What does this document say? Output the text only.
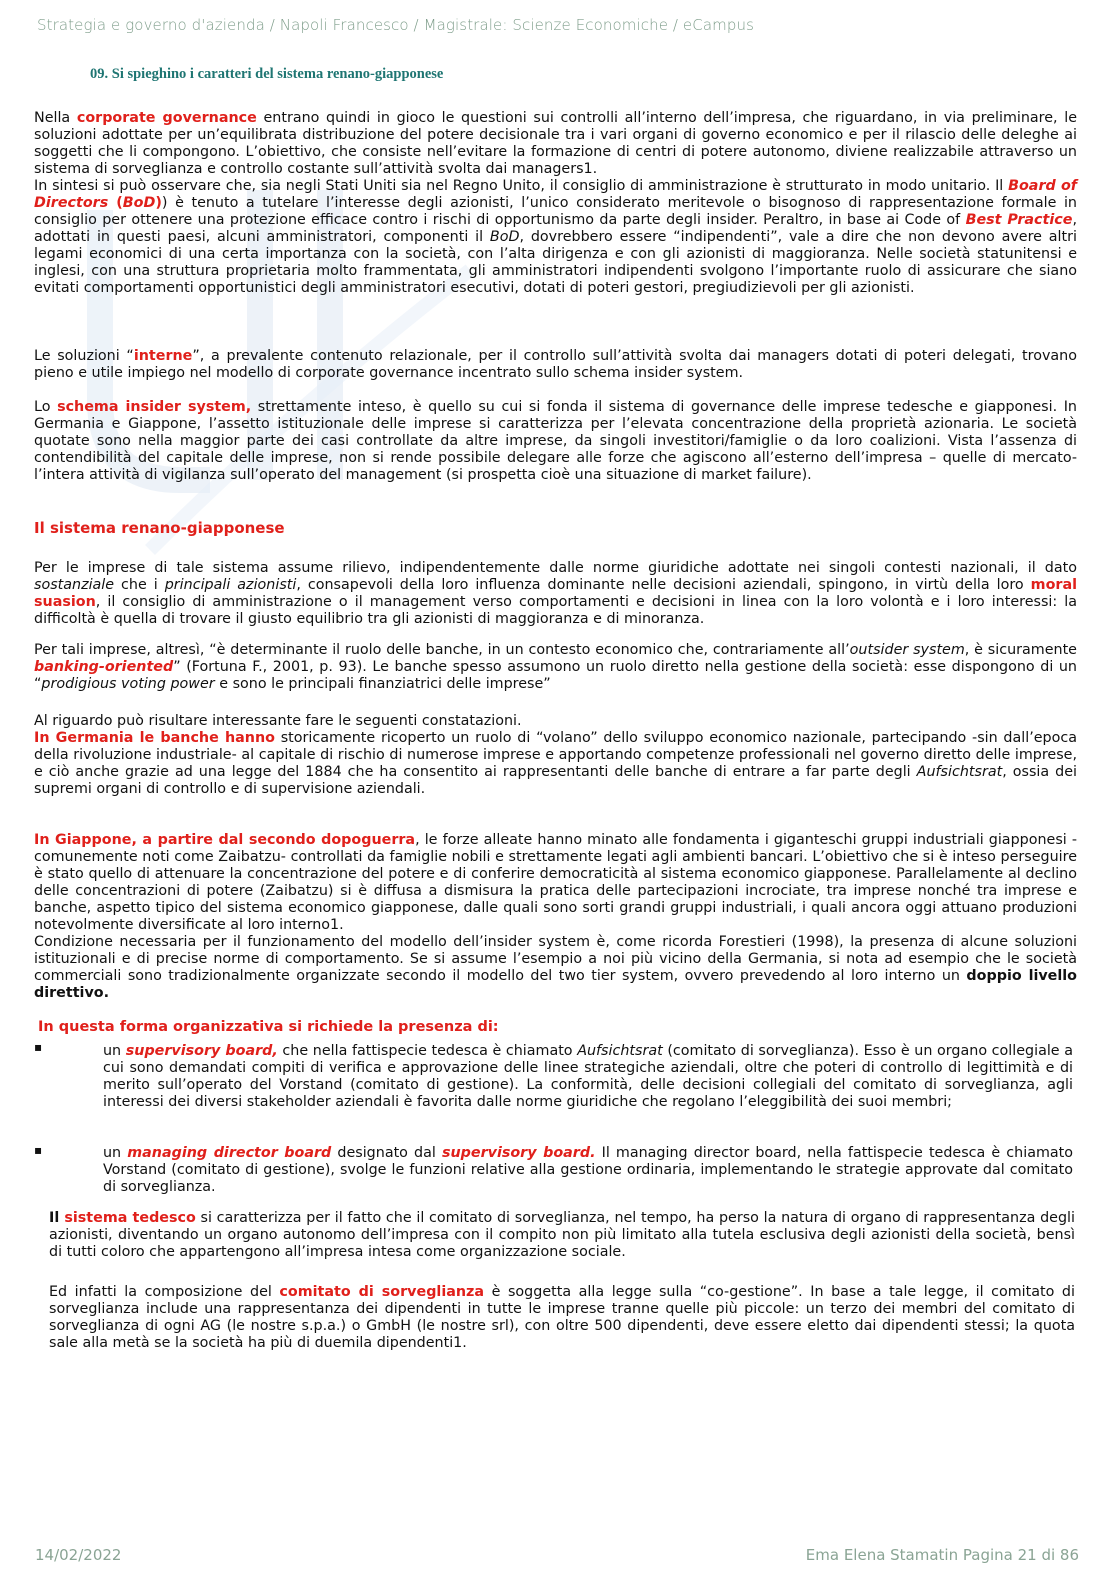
Strategia e governo d'azienda / Napoli Francesco / Magistrale: Scienze Economiche / eCampus
09. Si spieghino i caratteri del sistema renano-giapponese

Nella corporate governance entrano quindi in gioco le questioni sui controlli all’interno dell’impresa, che riguardano, in via preliminare, le soluzioni adottate per un’equilibrata distribuzione del potere decisionale tra i vari organi di governo economico e per il rilascio delle deleghe ai soggetti che li compongono. L’obiettivo, che consiste nell’evitare la formazione di centri di potere autonomo, diviene realizzabile attraverso un sistema di sorveglianza e controllo costante sull’attività svolta dai managers1.
In sintesi si può osservare che, sia negli Stati Uniti sia nel Regno Unito, il consiglio di amministrazione è strutturato in modo unitario. Il Board of Directors (BoD)) è tenuto a tutelare l’interesse degli azionisti, l’unico considerato meritevole o bisognoso di rappresentazione formale in consiglio per ottenere una protezione efficace contro i rischi di opportunismo da parte degli insider. Peraltro, in base ai Code of Best Practice, adottati in questi paesi, alcuni amministratori, componenti il BoD, dovrebbero essere “indipendenti”, vale a dire che non devono avere altri legami economici di una certa importanza con la società, con l’alta dirigenza e con gli azionisti di maggioranza. Nelle società statunitensi e inglesi, con una struttura proprietaria molto frammentata, gli amministratori indipendenti svolgono l’importante ruolo di assicurare che siano evitati comportamenti opportunistici degli amministratori esecutivi, dotati di poteri gestori, pregiudizievoli per gli azionisti.

Le soluzioni “interne”, a prevalente contenuto relazionale, per il controllo sull’attività svolta dai managers dotati di poteri delegati, trovano pieno e utile impiego nel modello di corporate governance incentrato sullo schema insider system.

Lo schema insider system, strettamente inteso, è quello su cui si fonda il sistema di governance delle imprese tedesche e giapponesi. In Germania e Giappone, l’assetto istituzionale delle imprese si caratterizza per l’elevata concentrazione della proprietà azionaria. Le società quotate sono nella maggior parte dei casi controllate da altre imprese, da singoli investitori/famiglie o da loro coalizioni. Vista l’assenza di contendibilità del capitale delle imprese, non si rende possibile delegare alle forze che agiscono all’esterno dell’impresa – quelle di mercato- l’intera attività di vigilanza sull’operato del management (si prospetta cioè una situazione di market failure).

Il sistema renano-giapponese

Per le imprese di tale sistema assume rilievo, indipendentemente dalle norme giuridiche adottate nei singoli contesti nazionali, il dato sostanziale che i principali azionisti, consapevoli della loro influenza dominante nelle decisioni aziendali, spingono, in virtù della loro moral suasion, il consiglio di amministrazione o il management verso comportamenti e decisioni in linea con la loro volontà e i loro interessi: la difficoltà è quella di trovare il giusto equilibrio tra gli azionisti di maggioranza e di minoranza.

Per tali imprese, altresì, “è determinante il ruolo delle banche, in un contesto economico che, contrariamente all’outsider system, è sicuramente banking-oriented” (Fortuna F., 2001, p. 93). Le banche spesso assumono un ruolo diretto nella gestione della società: esse dispongono di un “prodigious voting power e sono le principali finanziatrici delle imprese”

Al riguardo può risultare interessante fare le seguenti constatazioni.
In Germania le banche hanno storicamente ricoperto un ruolo di “volano” dello sviluppo economico nazionale, partecipando -sin dall’epoca della rivoluzione industriale- al capitale di rischio di numerose imprese e apportando competenze professionali nel governo diretto delle imprese, e ciò anche grazie ad una legge del 1884 che ha consentito ai rappresentanti delle banche di entrare a far parte degli Aufsichtsrat, ossia dei supremi organi di controllo e di supervisione aziendali.

In Giappone, a partire dal secondo dopoguerra, le forze alleate hanno minato alle fondamenta i giganteschi gruppi industriali giapponesi -comunemente noti come Zaibatzu- controllati da famiglie nobili e strettamente legati agli ambienti bancari. L’obiettivo che si è inteso perseguire è stato quello di attenuare la concentrazione del potere e di conferire democraticità al sistema economico giapponese. Parallelamente al declino delle concentrazioni di potere (Zaibatzu) si è diffusa a dismisura la pratica delle partecipazioni incrociate, tra imprese nonché tra imprese e banche, aspetto tipico del sistema economico giapponese, dalle quali sono sorti grandi gruppi industriali, i quali ancora oggi attuano produzioni notevolmente diversificate al loro interno1.
Condizione necessaria per il funzionamento del modello dell’insider system è, come ricorda Forestieri (1998), la presenza di alcune soluzioni istituzionali e di precise norme di comportamento. Se si assume l’esempio a noi più vicino della Germania, si nota ad esempio che le società commerciali sono tradizionalmente organizzate secondo il modello del two tier system, ovvero prevedendo al loro interno un doppio livello direttivo.

In questa forma organizzativa si richiede la presenza di:
▪	un supervisory board, che nella fattispecie tedesca è chiamato Aufsichtsrat (comitato di sorveglianza). Esso è un organo collegiale a cui sono demandati compiti di verifica e approvazione delle linee strategiche aziendali, oltre che poteri di controllo di legittimità e di merito sull’operato del Vorstand (comitato di gestione). La conformità, delle decisioni collegiali del comitato di sorveglianza, agli interessi dei diversi stakeholder aziendali è favorita dalle norme giuridiche che regolano l’eleggibilità dei suoi membri;

▪	un managing director board designato dal supervisory board. Il managing director board, nella fattispecie tedesca è chiamato Vorstand (comitato di gestione), svolge le funzioni relative alla gestione ordinaria, implementando le strategie approvate dal comitato di sorveglianza.

Il sistema tedesco si caratterizza per il fatto che il comitato di sorveglianza, nel tempo, ha perso la natura di organo di rappresentanza degli azionisti, diventando un organo autonomo dell’impresa con il compito non più limitato alla tutela esclusiva degli azionisti della società, bensì di tutti coloro che appartengono all’impresa intesa come organizzazione sociale.

Ed infatti la composizione del comitato di sorveglianza è soggetta alla legge sulla “co-gestione”. In base a tale legge, il comitato di sorveglianza include una rappresentanza dei dipendenti in tutte le imprese tranne quelle più piccole: un terzo dei membri del comitato di sorveglianza di ogni AG (le nostre s.p.a.) o GmbH (le nostre srl), con oltre 500 dipendenti, deve essere eletto dai dipendenti stessi; la quota sale alla metà se la società ha più di duemila dipendenti1.

14/02/2022	Ema Elena Stamatin Pagina 21 di 86
